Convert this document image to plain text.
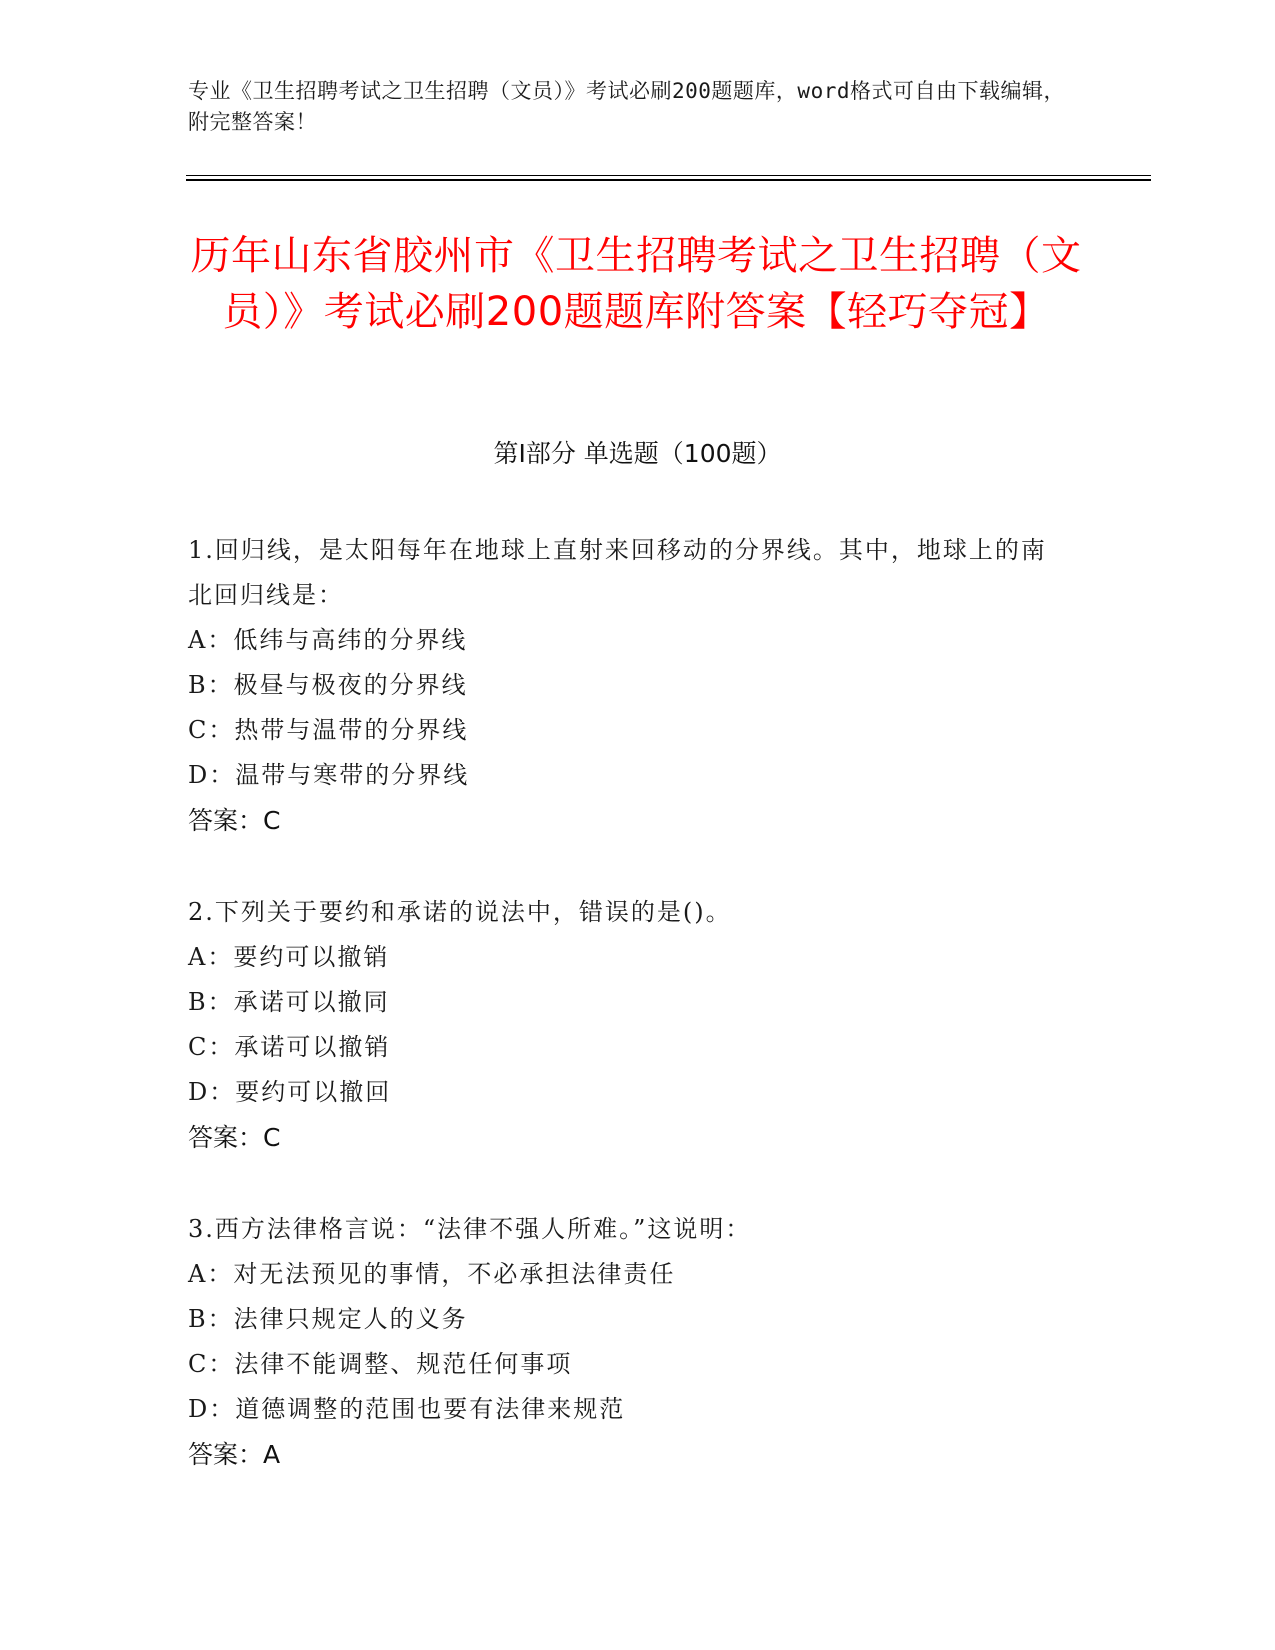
专业《卫生招聘考试之卫生招聘（文员）》考试必刷200题题库，word格式可自由下载编辑，附完整答案！
历年山东省胶州市《卫生招聘考试之卫生招聘（文员）》考试必刷200题题库附答案【轻巧夺冠】
第I部分 单选题（100题）
1.回归线，是太阳每年在地球上直射来回移动的分界线。其中，地球上的南北回归线是：
A：低纬与高纬的分界线
B：极昼与极夜的分界线
C：热带与温带的分界线
D：温带与寒带的分界线
答案：C
2.下列关于要约和承诺的说法中，错误的是()。
A：要约可以撤销
B：承诺可以撤同
C：承诺可以撤销
D：要约可以撤回
答案：C
3.西方法律格言说：“法律不强人所难。”这说明：
A：对无法预见的事情，不必承担法律责任
B：法律只规定人的义务
C：法律不能调整、规范任何事项
D：道德调整的范围也要有法律来规范
答案：A
